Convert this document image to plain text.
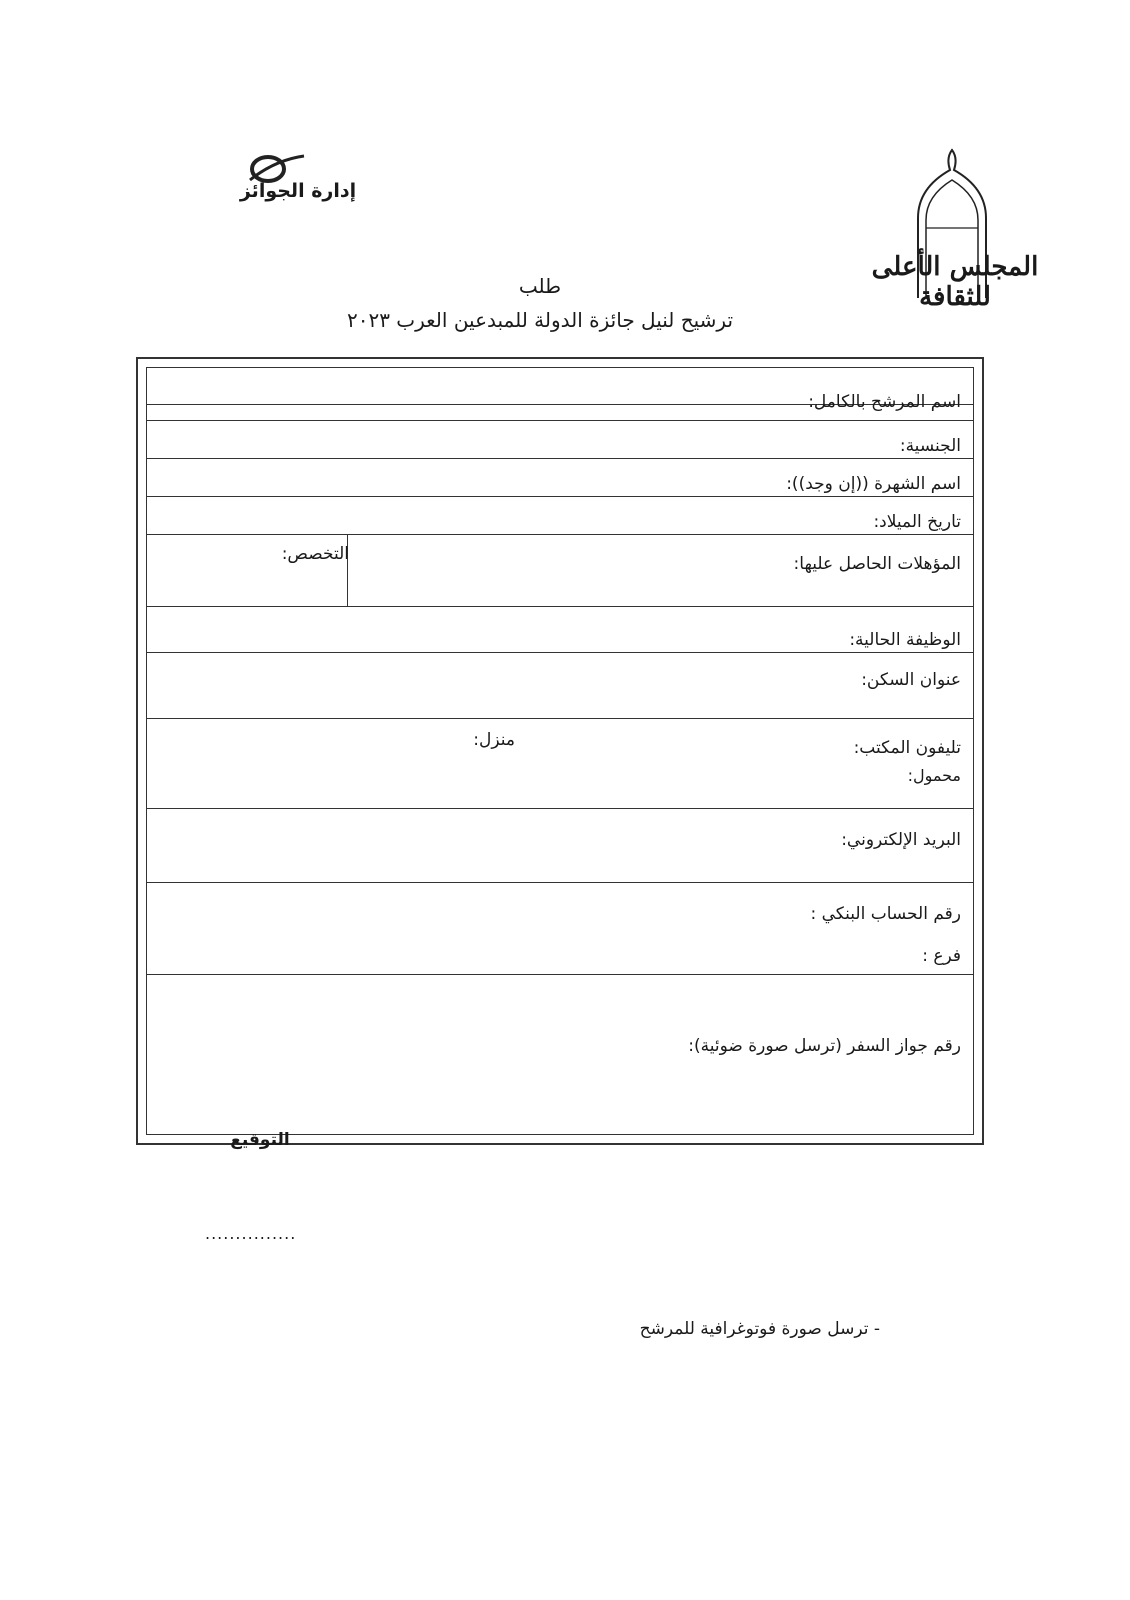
إدارة الجوائز
المجلس الأعلى للثقافة
طلب
ترشيح لنيل جائزة الدولة للمبدعين العرب ٢٠٢٣
اسم المرشح بالكامل:
الجنسية:
اسم الشهرة ((إن وجد)):
تاريخ الميلاد:
المؤهلات الحاصل عليها:
التخصص:
الوظيفة الحالية:
عنوان السكن:
تليفون المكتب:
منزل:
محمول:
البريد الإلكتروني:
رقم الحساب البنكي :
فرع :
رقم جواز السفر (ترسل صورة ضوئية):
التوقيع
...............
- ترسل صورة فوتوغرافية للمرشح
